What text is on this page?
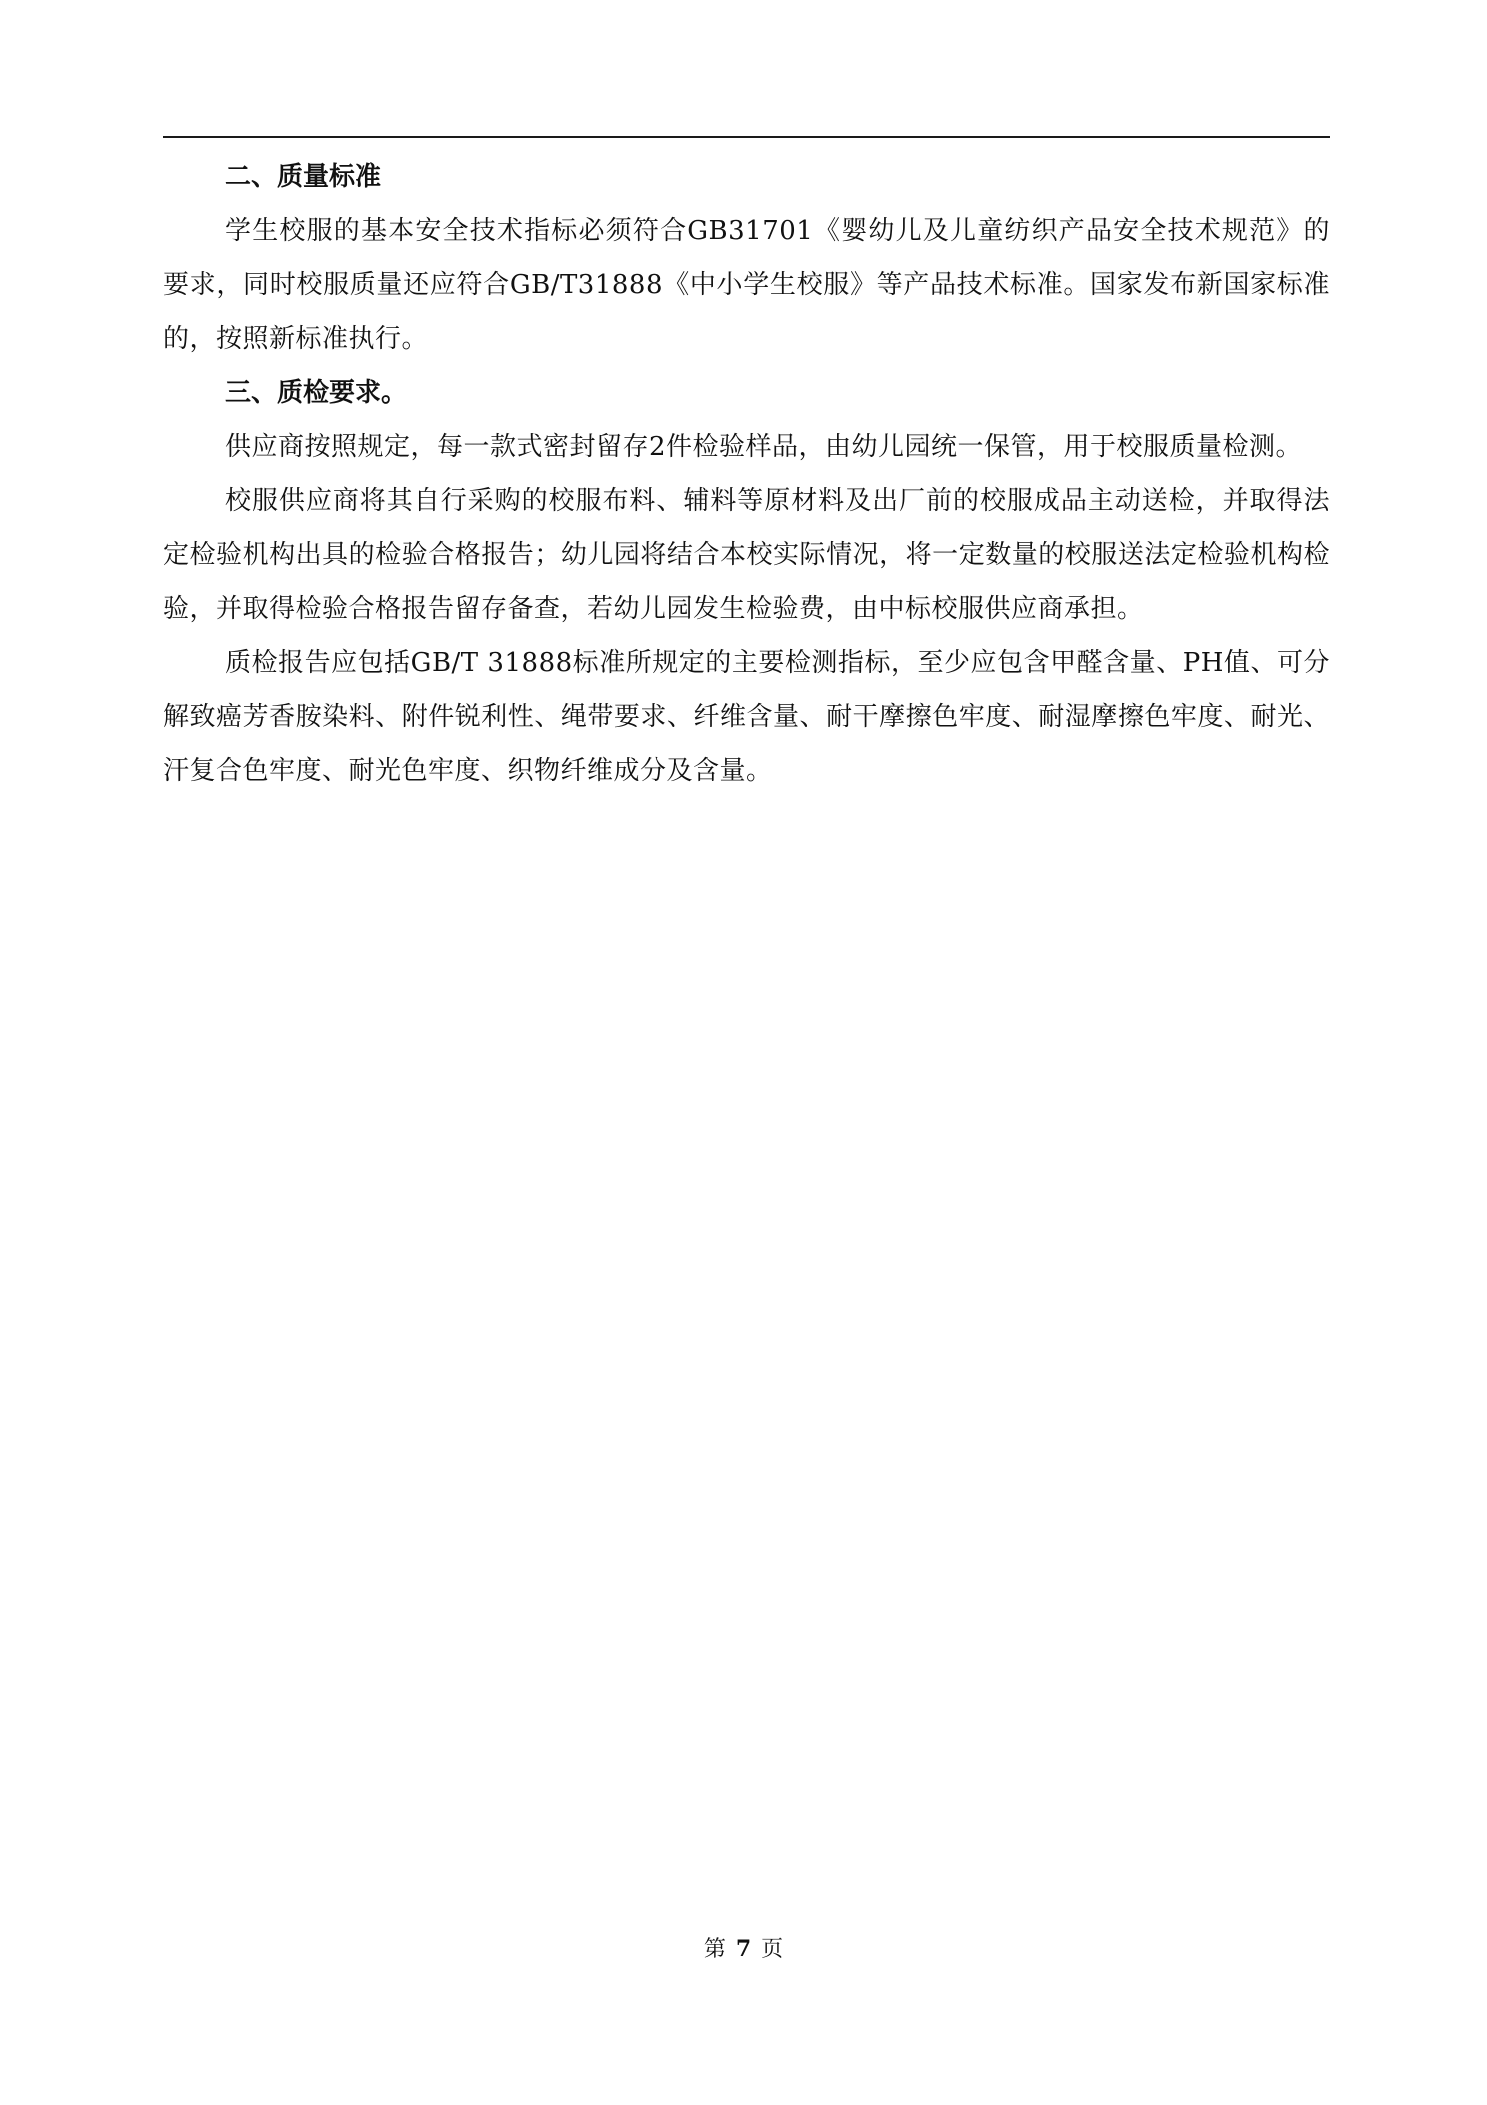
二、质量标准

学生校服的基本安全技术指标必须符合GB31701《婴幼儿及儿童纺织产品安全技术规范》的要求，同时校服质量还应符合GB/T31888《中小学生校服》等产品技术标准。国家发布新国家标准的，按照新标准执行。

三、质检要求。

供应商按照规定，每一款式密封留存2件检验样品，由幼儿园统一保管，用于校服质量检测。

校服供应商将其自行采购的校服布料、辅料等原材料及出厂前的校服成品主动送检，并取得法定检验机构出具的检验合格报告；幼儿园将结合本校实际情况，将一定数量的校服送法定检验机构检验，并取得检验合格报告留存备查，若幼儿园发生检验费，由中标校服供应商承担。

质检报告应包括GB/T 31888标准所规定的主要检测指标，至少应包含甲醛含量、PH值、可分解致癌芳香胺染料、附件锐利性、绳带要求、纤维含量、耐干摩擦色牢度、耐湿摩擦色牢度、耐光、汗复合色牢度、耐光色牢度、织物纤维成分及含量。

第 7 页
